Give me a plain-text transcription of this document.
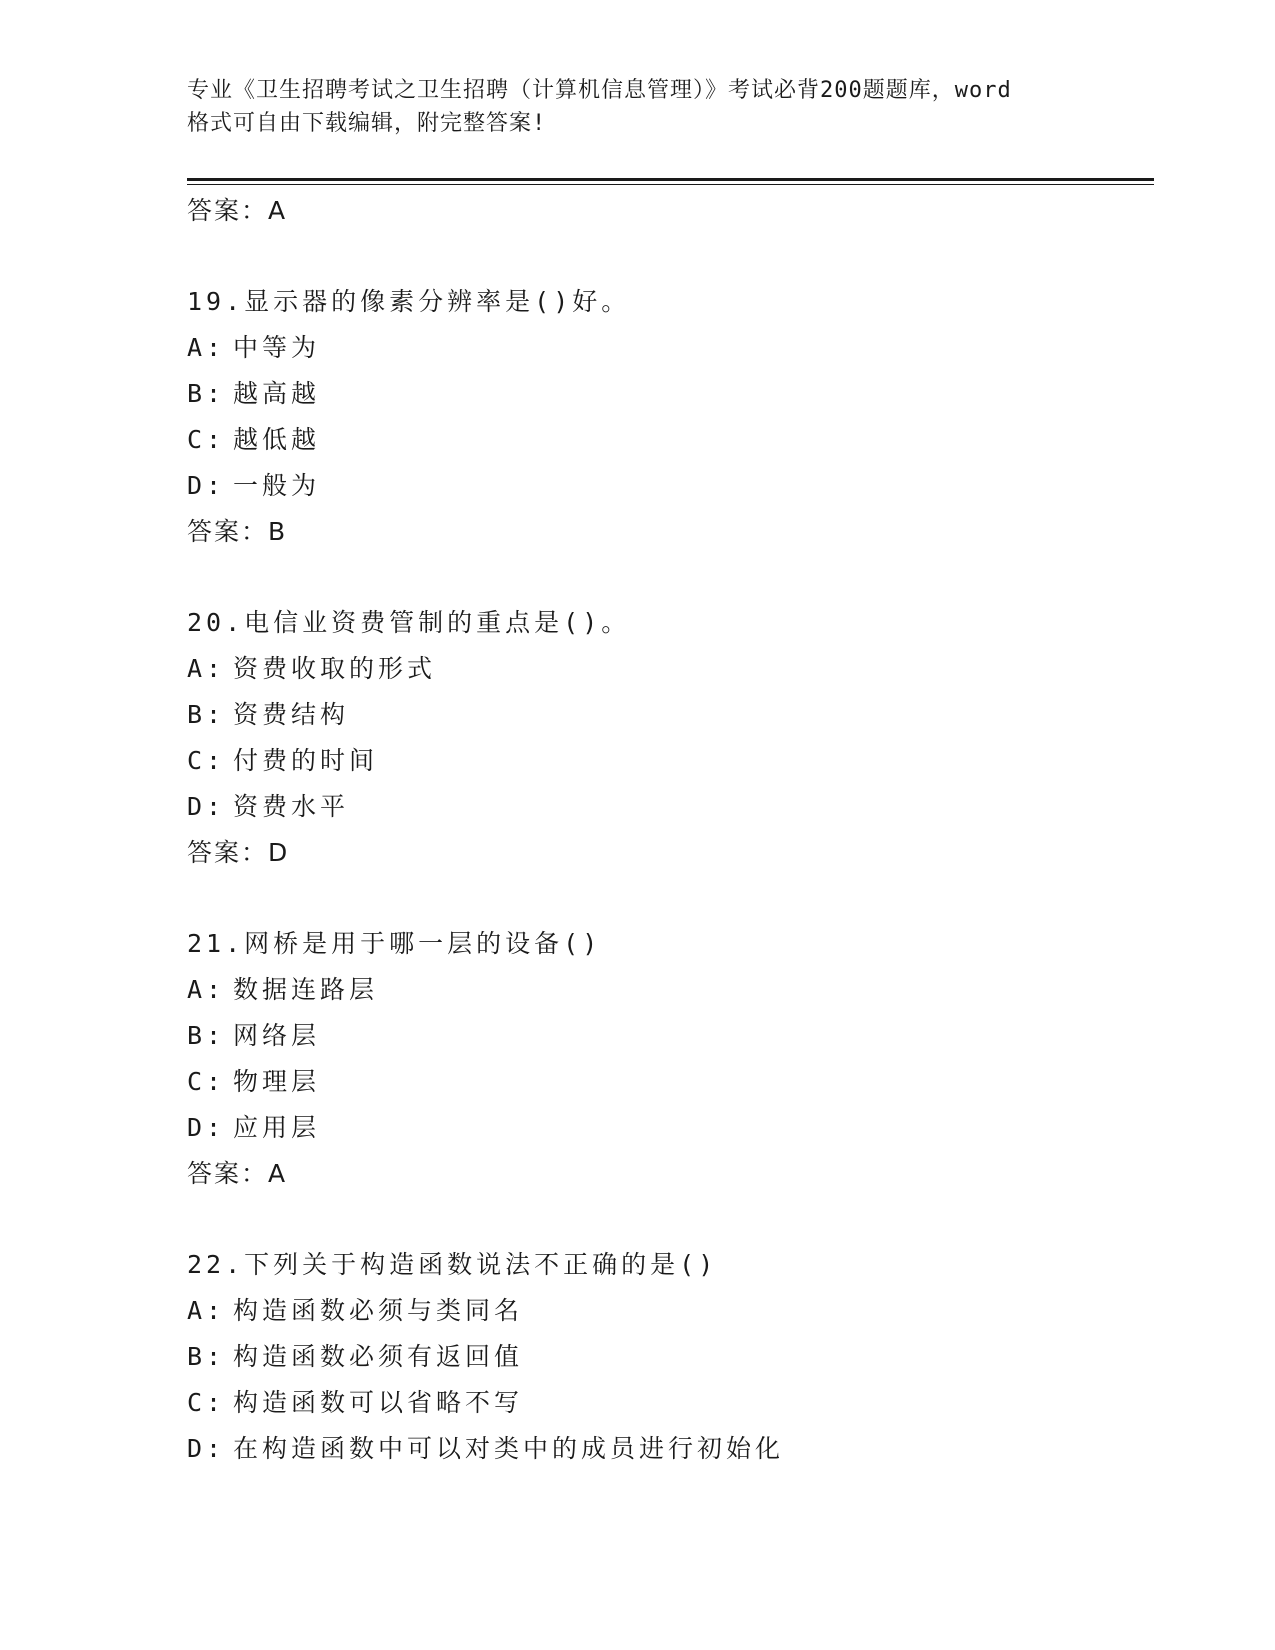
专业《卫生招聘考试之卫生招聘（计算机信息管理）》考试必背200题题库，word
格式可自由下载编辑，附完整答案!
答案：A
19.显示器的像素分辨率是()好。
A: 中等为
B: 越高越
C: 越低越
D: 一般为
答案：B
20.电信业资费管制的重点是()。
A: 资费收取的形式
B: 资费结构
C: 付费的时间
D: 资费水平
答案：D
21.网桥是用于哪一层的设备()
A: 数据连路层
B: 网络层
C: 物理层
D: 应用层
答案：A
22.下列关于构造函数说法不正确的是()
A: 构造函数必须与类同名
B: 构造函数必须有返回值
C: 构造函数可以省略不写
D: 在构造函数中可以对类中的成员进行初始化
